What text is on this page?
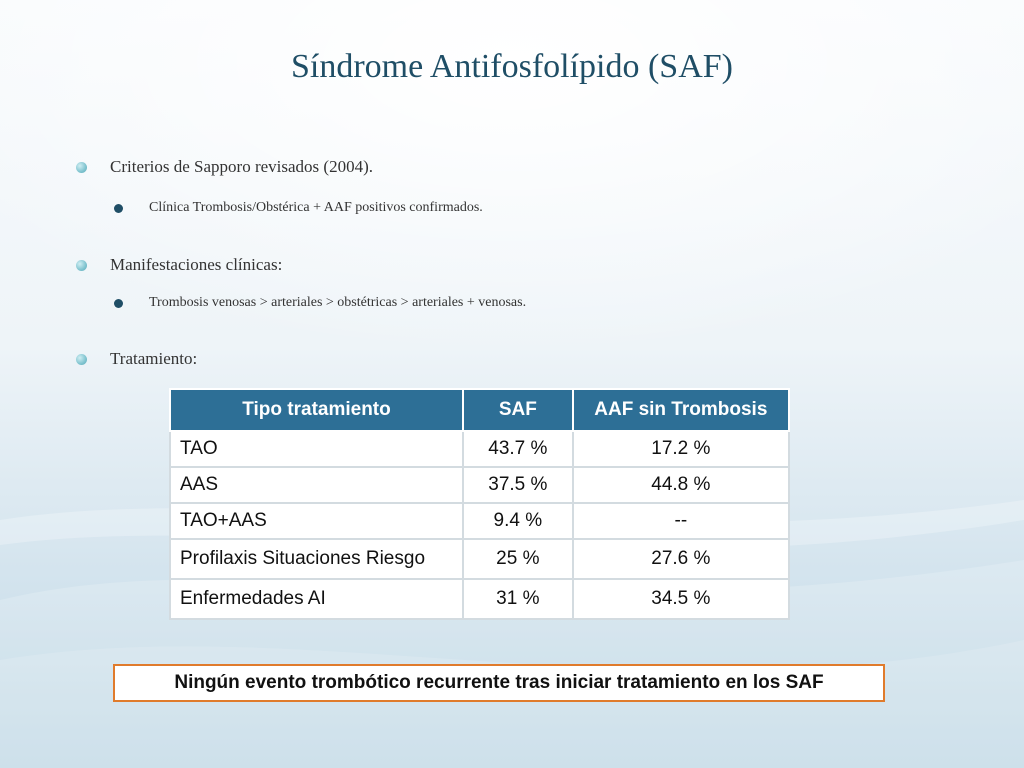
Síndrome Antifosfolípido (SAF)
Criterios de Sapporo revisados (2004).
Clínica Trombosis/Obstérica + AAF positivos confirmados.
Manifestaciones clínicas:
Trombosis venosas > arteriales > obstétricas > arteriales + venosas.
Tratamiento:
Tipo tratamiento	SAF	AAF sin Trombosis
TAO	43.7 %	17.2 %
AAS	37.5 %	44.8 %
TAO+AAS	9.4 %	--
Profilaxis Situaciones Riesgo	25 %	27.6 %
Enfermedades AI	31 %	34.5 %
Ningún evento trombótico recurrente tras iniciar tratamiento en los SAF
